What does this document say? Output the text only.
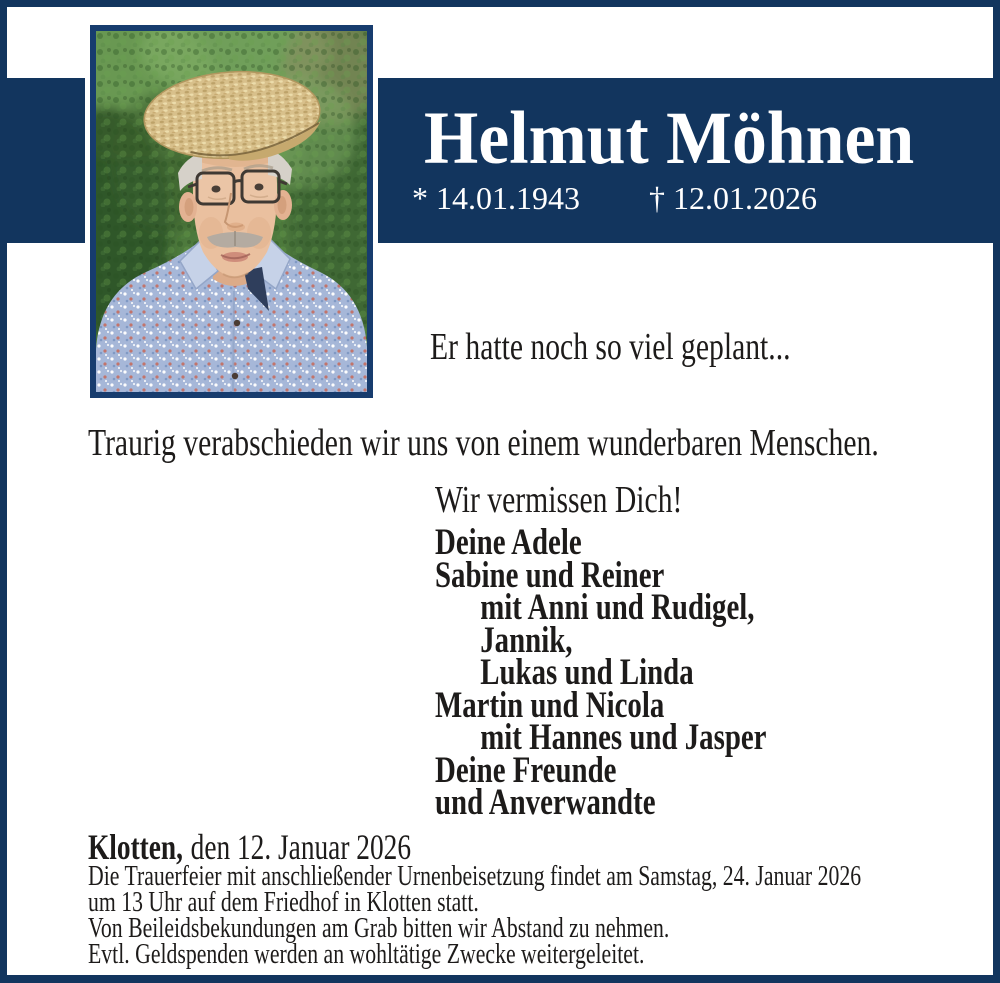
Helmut Möhnen
* 14.01.1943 † 12.01.2026
Er hatte noch so viel geplant...
Traurig verabschieden wir uns von einem wunderbaren Menschen.
Wir vermissen Dich!
Deine Adele
Sabine und Reiner
mit Anni und Rudigel,
Jannik,
Lukas und Linda
Martin und Nicola
mit Hannes und Jasper
Deine Freunde
und Anverwandte
Klotten, den 12. Januar 2026
Die Trauerfeier mit anschließender Urnenbeisetzung findet am Samstag, 24. Januar 2026
um 13 Uhr auf dem Friedhof in Klotten statt.
Von Beileidsbekundungen am Grab bitten wir Abstand zu nehmen.
Evtl. Geldspenden werden an wohltätige Zwecke weitergeleitet.
